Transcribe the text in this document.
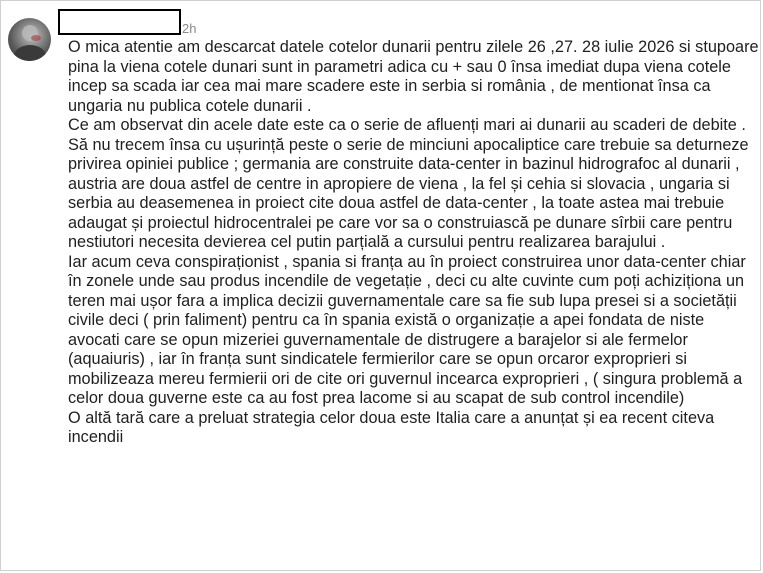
2h

O mica atentie am descarcat datele cotelor dunarii pentru zilele 26 ,27. 28 iulie 2026 si stupoare pina la viena cotele dunari sunt in parametri adica cu + sau 0 însa imediat dupa viena cotele incep sa scada iar cea mai mare scadere este in serbia si românia , de mentionat însa ca ungaria nu publica cotele dunarii .

Ce am observat din acele date este ca o serie de afluenți mari ai dunarii au scaderi de debite .

Să nu trecem însa cu ușurință peste o serie de minciuni apocaliptice care trebuie sa deturneze privirea opiniei publice ; germania are construite data-center in bazinul hidrografoc al dunarii , austria are doua astfel de centre in apropiere de viena , la fel și cehia si slovacia , ungaria si serbia au deasemenea in proiect cite doua astfel de data-center , la toate astea mai trebuie adaugat și proiectul hidrocentralei pe care vor sa o construiască pe dunare sîrbii care pentru nestiutori necesita devierea cel putin parțială a cursului pentru realizarea barajului .

Iar acum ceva conspiraționist , spania si franța au în proiect construirea unor data-center chiar în zonele unde sau produs incendile de vegetație , deci cu alte cuvinte cum poți achiziționa un teren mai ușor fara a implica decizii guvernamentale care sa fie sub lupa presei si a societății civile deci ( prin faliment) pentru ca în spania există o organizație a apei fondata de niste avocati care se opun mizeriei guvernamentale de distrugere a barajelor si ale fermelor (aquaiuris) , iar în franța sunt sindicatele fermierilor care se opun orcaror exproprieri si mobilizeaza mereu fermierii ori de cite ori guvernul incearca exproprieri , ( singura problemă a celor doua guverne este ca au fost prea lacome si au scapat de sub control incendile)

O altă tară care a preluat strategia celor doua este Italia care a anunțat și ea recent citeva incendii
